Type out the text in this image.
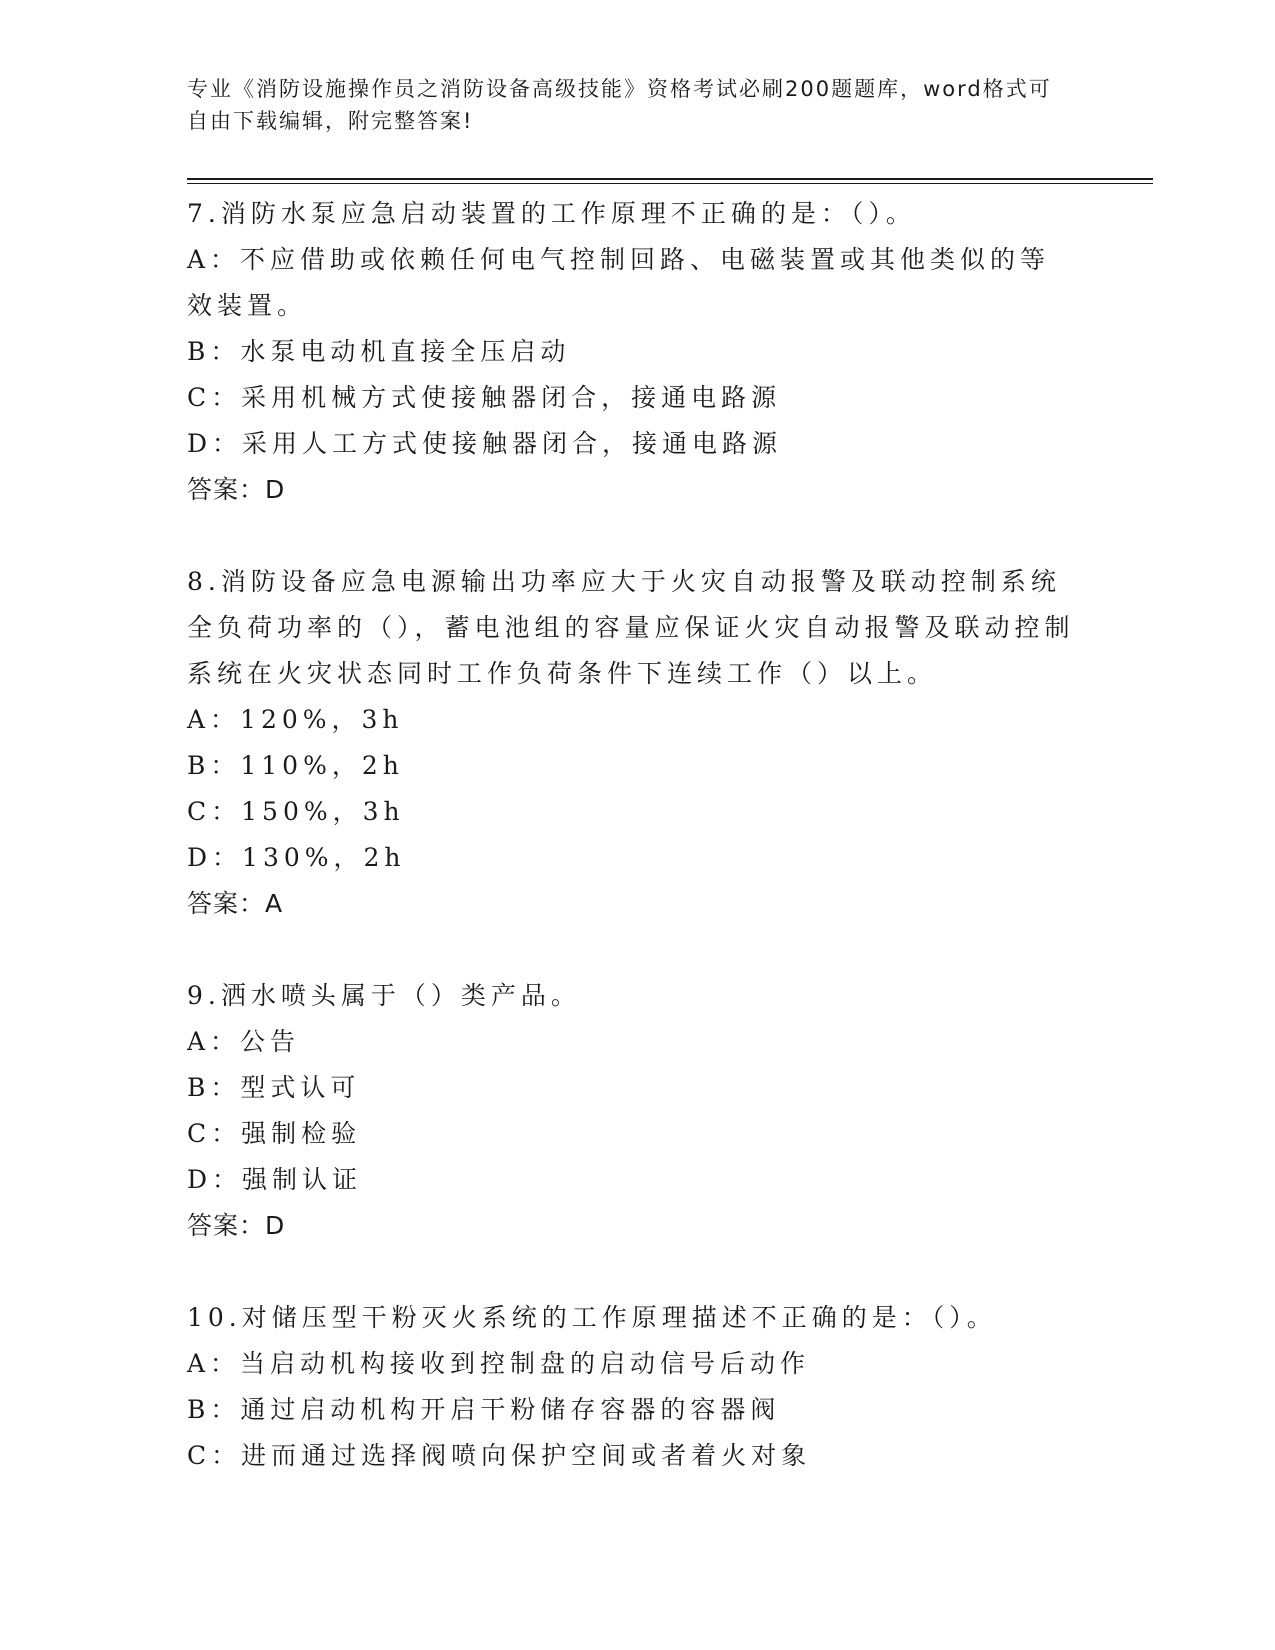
专业《消防设施操作员之消防设备高级技能》资格考试必刷200题题库，word格式可自由下载编辑，附完整答案!
7.消防水泵应急启动装置的工作原理不正确的是：（）。
A：不应借助或依赖任何电气控制回路、电磁装置或其他类似的等效装置。
B：水泵电动机直接全压启动
C：采用机械方式使接触器闭合，接通电路源
D：采用人工方式使接触器闭合，接通电路源
答案：D
8.消防设备应急电源输出功率应大于火灾自动报警及联动控制系统全负荷功率的（），蓄电池组的容量应保证火灾自动报警及联动控制系统在火灾状态同时工作负荷条件下连续工作（）以上。
A：120%，3h
B：110%，2h
C：150%，3h
D：130%，2h
答案：A
9.洒水喷头属于（）类产品。
A：公告
B：型式认可
C：强制检验
D：强制认证
答案：D
10.对储压型干粉灭火系统的工作原理描述不正确的是：（）。
A：当启动机构接收到控制盘的启动信号后动作
B：通过启动机构开启干粉储存容器的容器阀
C：进而通过选择阀喷向保护空间或者着火对象
